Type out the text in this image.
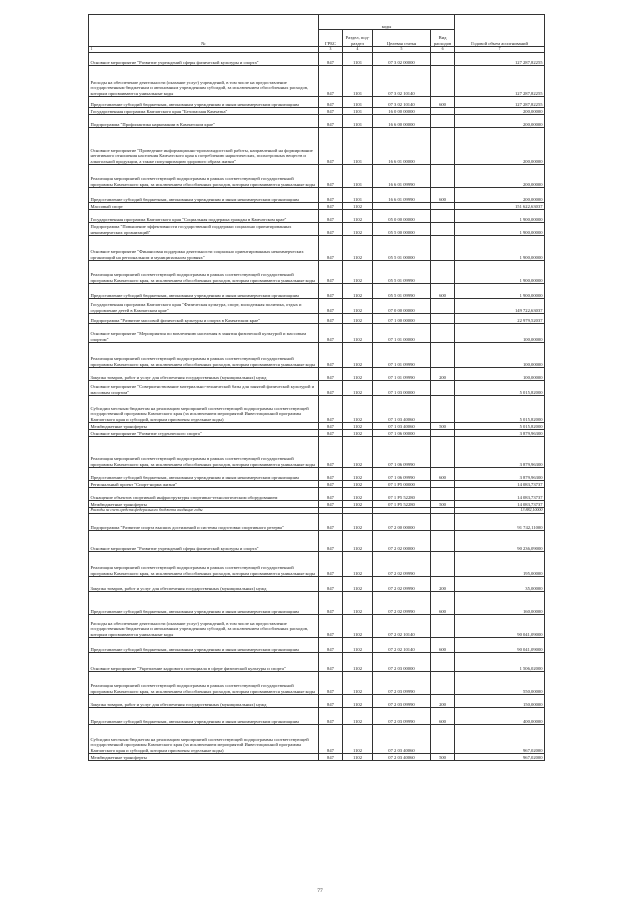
№	коды				Годовой объем ассигнований
	ГРБС	Раздел, под-раздел	Целевая статья	Вид расходов	
1	3	4	5	6	7
Основное мероприятие "Развитие учреждений сферы физической культуры и спорта"	847	1101	07 3 02 00000		127 287,82255
Расходы на обеспечение деятельности (оказание услуг) учреждений, в том числе на предоставление государственным бюджетным и автономным учреждениям субсидий, за исключением обособленных расходов, которым присваиваются уникальные коды	847	1101	07 3 02 10140		127 287,82255
Предоставление субсидий бюджетным, автономным учреждениям и иным некоммерческим организациям	847	1101	07 3 02 10140	600	127 287,82255
Государственная программа Камчатского края "Безопасная Камчатка"	847	1101	16 0 00 00000		200,00000
Подпрограмма "Профилактика наркомании в Камчатском крае"	847	1101	16 6 00 00000		200,00000
Основное мероприятие "Проведение информационно-пропагандистской работы, направленной на формирование негативного отношения населения Камчатского края к потреблению наркотических, психотропных веществ и алкогольной продукции, а также популяризацию здорового образа жизни"	847	1101	16 6 01 00000		200,00000
Реализация мероприятий соответствующей подпрограммы в рамках соответствующей государственной программы Камчатского края, за исключением обособленных расходов, которым присваиваются уникальные коды	847	1101	16 6 01 09990		200,00000
Предоставление субсидий бюджетным, автономным учреждениям и иным некоммерческим организациям	847	1101	16 6 01 09990	600	200,00000
Массовый спорт	847	1102			151 622,63037
Государственная программа Камчатского края "Социальная поддержка граждан в Камчатском крае"	847	1102	05 0 00 00000		1 900,00000
Подпрограмма "Повышение эффективности государственной поддержки социально ориентированных некоммерческих организаций"	847	1102	05 5 00 00000		1 900,00000
Основное мероприятие "Финансовая поддержка деятельности социально ориентированных некоммерческих организаций на региональном и муниципальном уровнях"	847	1102	05 5 01 00000		1 900,00000
Реализация мероприятий соответствующей подпрограммы в рамках соответствующей государственной программы Камчатского края, за исключением обособленных расходов, которым присваиваются уникальные коды	847	1102	05 5 01 09990		1 900,00000
Предоставление субсидий бюджетным, автономным учреждениям и иным некоммерческим организациям	847	1102	05 5 01 09990	600	1 900,00000
Государственная программа Камчатского края "Физическая культура, спорт, молодежная политика, отдых и оздоровление детей в Камчатском крае"	847	1102	07 0 00 00000		149 722,63037
Подпрограмма "Развитие массовой физической культуры и спорта в Камчатском крае"	847	1102	07 1 00 00000		22 979,52037
Основное мероприятие "Мероприятия по вовлечению населения в занятия физической культурой и массовым спортом"	847	1102	07 1 01 00000		100,00000
Реализация мероприятий соответствующей подпрограммы в рамках соответствующей государственной программы Камчатского края, за исключением обособленных расходов, которым присваиваются уникальные коды	847	1102	07 1 01 09990		100,00000
Закупка товаров, работ и услуг для обеспечения государственных (муниципальных) нужд	847	1102	07 1 01 09990	200	100,00000
Основное мероприятие "Совершенствование материально-технической базы для занятий физической культурой и массовым спортом"	847	1102	07 1 03 00000		5 015,82000
Субсидии местным бюджетам на реализацию мероприятий соответствующей подпрограммы соответствующей государственной программы Камчатского края (за исключением мероприятий Инвестиционной программы Камчатского края и субсидий, которым присвоены отдельные коды)	847	1102	07 1 03 40060		5 015,82000
Межбюджетные трансферты	847	1102	07 1 03 40060	500	5 015,82000
Основное мероприятие "Развитие студенческого спорта"	847	1102	07 1 06 00000		3 879,96300
Реализация мероприятий соответствующей подпрограммы в рамках соответствующей государственной программы Камчатского края, за исключением обособленных расходов, которым присваиваются уникальные коды	847	1102	07 1 06 09990		3 879,96300
Предоставление субсидий бюджетным, автономным учреждениям и иным некоммерческим организациям	847	1102	07 1 06 09990	600	3 879,96300
Региональный проект "Спорт-норма жизни"	847	1102	07 1 P5 00000		14 083,73737
Оснащение объектов спортивной инфраструктуры спортивно-технологическим оборудованием	847	1102	07 1 P5 52280		14 083,73737
Межбюджетные трансферты	847	1102	07 1 P5 52280	500	14 083,73737
Расходы за счет средств федерального бюджета входящие годы					13 882,10000
Подпрограмма "Развитие спорта высших достижений и системы подготовки спортивного резерва"	847	1102	07 2 00 00000		91 742,11000
Основное мероприятие "Развитие учреждений сферы физической культуры и спорта"	847	1102	07 2 02 00000		90 236,09000
Реализация мероприятий соответствующей подпрограммы в рамках соответствующей государственной программы Камчатского края, за исключением обособленных расходов, которым присваиваются уникальные коды	847	1102	07 2 02 09990		195,00000
Закупка товаров, работ и услуг для обеспечения государственных (муниципальных) нужд	847	1102	07 2 02 09990	200	35,00000
Предоставление субсидий бюджетным, автономным учреждениям и иным некоммерческим организациям	847	1102	07 2 02 09990	600	160,00000
Расходы на обеспечение деятельности (оказание услуг) учреждений, в том числе на предоставление государственным бюджетным и автономным учреждениям субсидий, за исключением обособленных расходов, которым присваиваются уникальные коды	847	1102	07 2 02 10140		90 041,09000
Предоставление субсидий бюджетным, автономным учреждениям и иным некоммерческим организациям	847	1102	07 2 02 10140	600	90 041,09000
Основное мероприятие "Укрепление кадрового потенциала в сфере физической культуры и спорта"	847	1102	07 2 03 00000		1 506,02000
Реализация мероприятий соответствующей подпрограммы в рамках соответствующей государственной программы Камчатского края, за исключением обособленных расходов, которым присваиваются уникальные коды	847	1102	07 2 03 09990		550,00000
Закупка товаров, работ и услуг для обеспечения государственных (муниципальных) нужд	847	1102	07 2 03 09990	200	150,00000
Предоставление субсидий бюджетным, автономным учреждениям и иным некоммерческим организациям	847	1102	07 2 03 09990	600	400,00000
Субсидии местным бюджетам на реализацию мероприятий соответствующей подпрограммы соответствующей государственной программы Камчатского края (за исключением мероприятий Инвестиционной программы Камчатского края и субсидий, которым присвоены отдельные коды)	847	1102	07 2 03 40060		967,02000
Межбюджетные трансферты	847	1102	07 2 03 40060	500	967,02000
77
